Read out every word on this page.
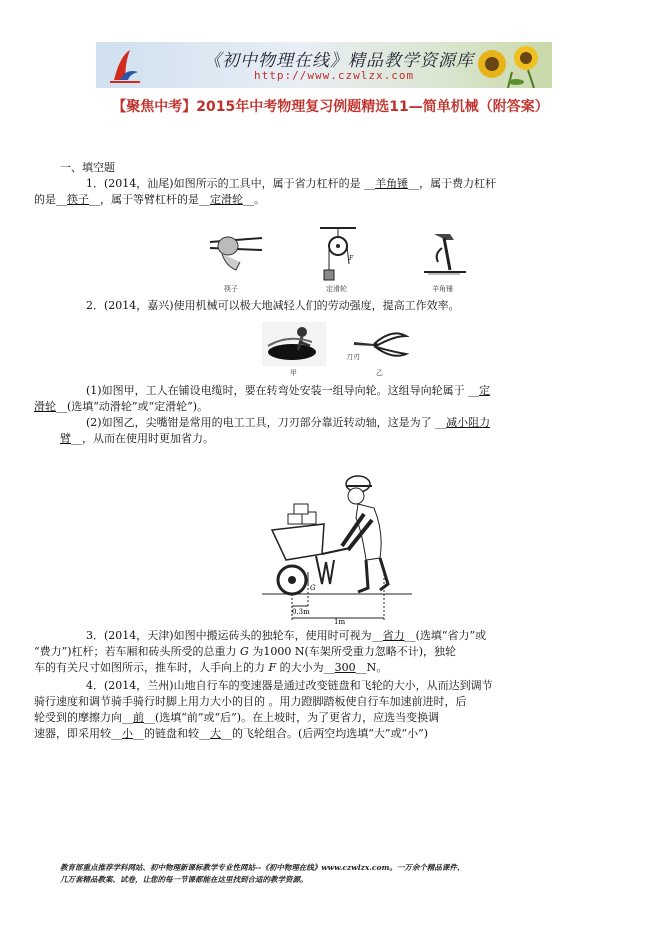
《初中物理在线》精品教学资源库
http://www.czwlzx.com
【聚焦中考】2015年中考物理复习例题精选11—简单机械（附答案）
一、填空题
1．(2014，汕尾)如图所示的工具中，属于省力杠杆的是 __羊角锤__，属于费力杠杆
的是__筷子__，属于等臂杠杆的是__定滑轮__。
筷子
F
定滑轮	羊角锤
2．(2014，嘉兴)使用机械可以极大地减轻人们的劳动强度，提高工作效率。
甲
刀刃
乙
(1)如图甲，工人在铺设电缆时，要在转弯处安装一组导向轮。这组导向轮属于 __定
滑轮__(选填“动滑轮”或“定滑轮”)。
(2)如图乙，尖嘴钳是常用的电工工具，刀刃部分靠近转动轴，这是为了 __减小阻力
臂__，从而在使用时更加省力。
G
0.3m
1m
3．(2014，天津)如图中搬运砖头的独轮车，使用时可视为__省力__(选填“省力”或
“费力”)杠杆；若车厢和砖头所受的总重力 G 为1000 N(车架所受重力忽略不计)，独轮
车的有关尺寸如图所示，推车时，人手向上的力 F 的大小为__300__N。
4．(2014，兰州)山地自行车的变速器是通过改变链盘和飞轮的大小，从而达到调节
骑行速度和调节骑手骑行时脚上用力大小的目的 。用力蹬脚踏板使自行车加速前进时，后
轮受到的摩擦力向__前__(选填“前”或“后”)。在上坡时，为了更省力，应选当变换调
速器，即采用较__小__的链盘和较__大__的飞轮组合。(后两空均选填“大”或“小”)
教育部重点推荐学科网站、初中物理新课标教学专业性网站--《初中物理在线》www.czwlzx.com。一万余个精品课件、
几万套精品教案、试卷，让您的每一节课都能在这里找到合适的教学资源。
